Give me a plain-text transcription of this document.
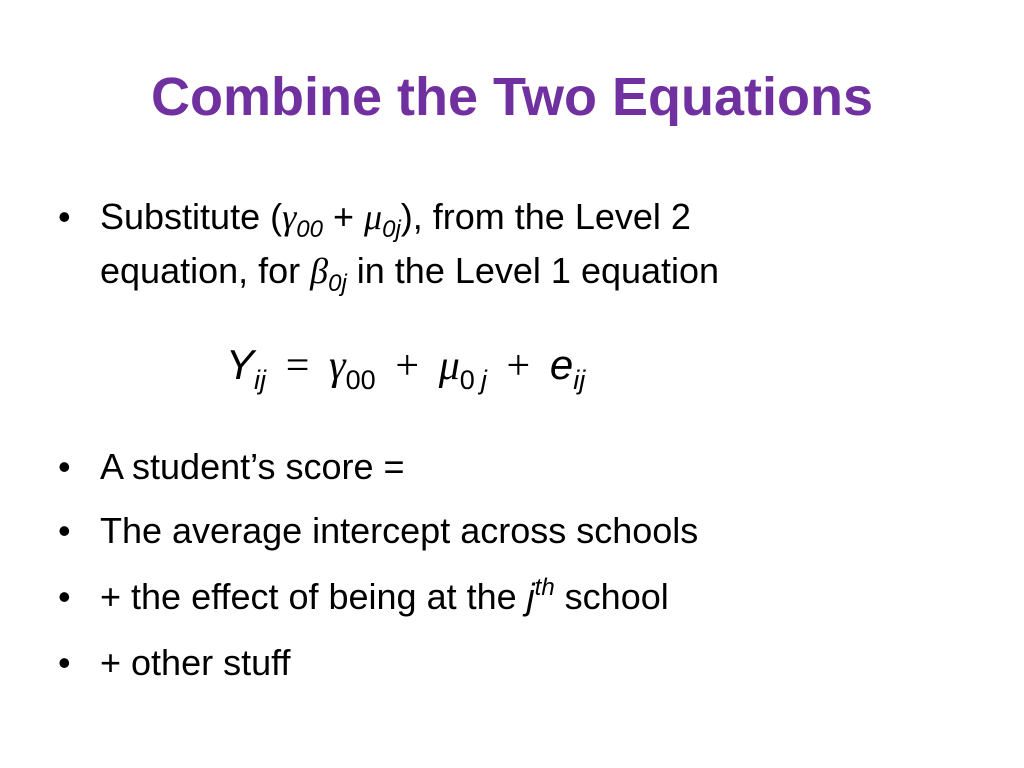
Combine the Two Equations
• Substitute $(\gamma_{00} + \mu_{0j})$, from the Level 2
equation, for $\beta_{0j}$ in the Level 1 equation
$Y_{ij} = \gamma_{00} + \mu_0$ $_j + e_{ij}$
• A student’s score =
• The average intercept across schools
• + the effect of being at the $j^{th}$ school
• + other stuff
